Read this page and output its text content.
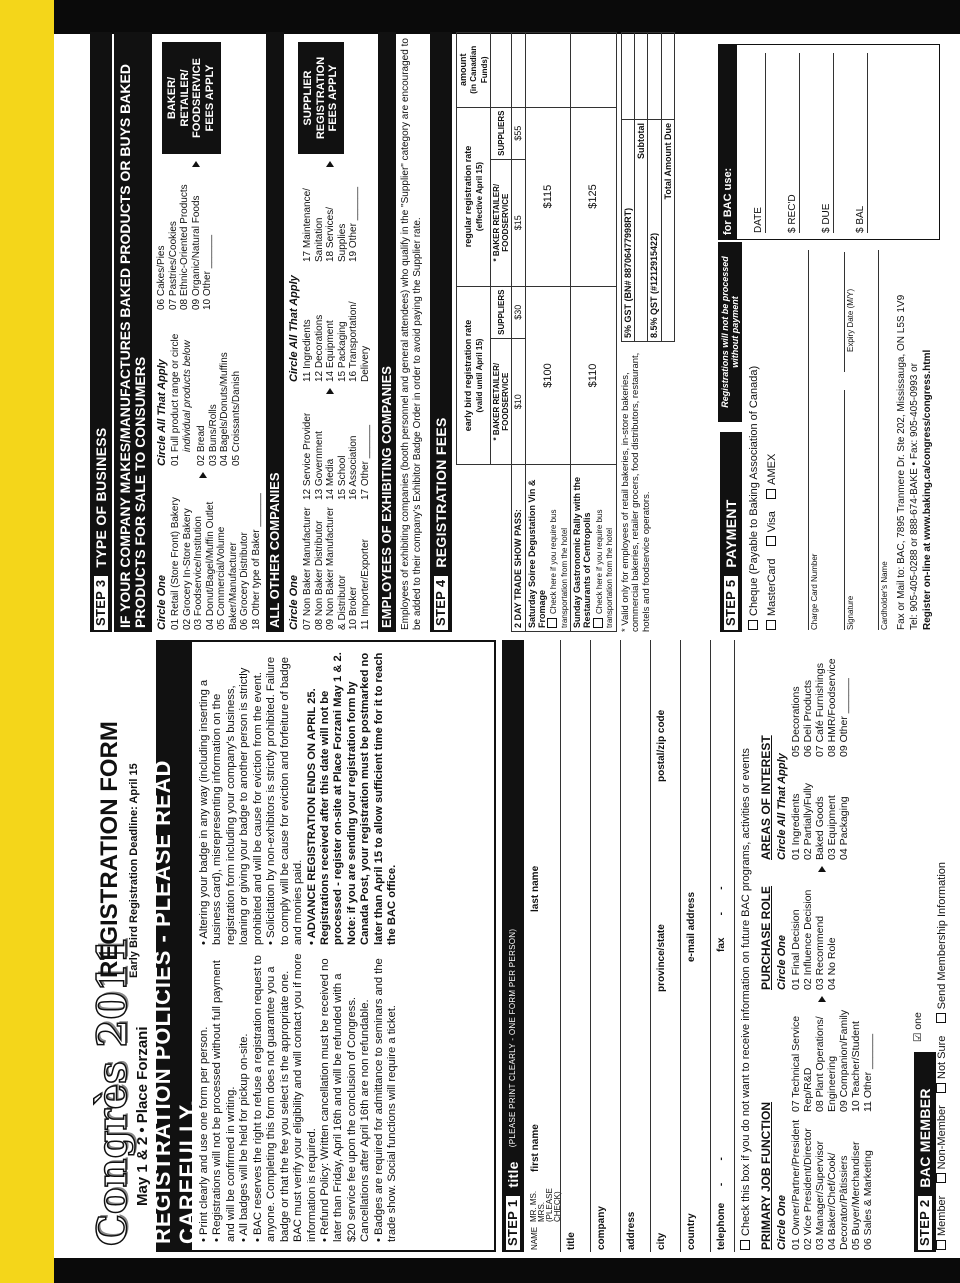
Congrès 2011
May 1 & 2 • Place Forzani
REGISTRATION FORM Early Bird Registration Deadline: April 15 REGISTRATION POLICIES - PLEASE READ CAREFULLY.
• Print clearly and use one form per person.
• Registrations will not be processed without full payment and will be confirmed in writing. • All badges will be held for pickup on-site.
• BAC reserves the right to refuse a registration request to anyone. Completing this form does not guarantee you a badge or that the fee you select is the appropriate one. BAC must verify your eligibility and will contact you if more information is required. • Refund Policy: Written cancellation must be received no later than Friday, April 16th and will be refunded with a $20 service fee upon the conclusion of Congress. Cancellations after April 16th are non refundable. • Badges are required for admittance to seminars and the trade show. Social functions will require a ticket.
• Altering your badge in any way (including inserting a business card), misrepresenting information on the registration form including your company's business, loaning or giving your badge to another person is strictly prohibited and will be cause for eviction from the event. • Solicitation by non-exhibitors is strictly prohibited. Failure to comply will be cause for eviction and forfeiture of badge and monies paid. • ADVANCE REGISTRATION ENDS ON APRIL 25. Registrations received after this date will not be processed - register on-site at Place Forzani May 1 & 2. Note: if you are sending your registration form by Canada Post, your registration must be postmarked no later than April 15 to allow sufficient time for it to reach the BAC office.
STEP 1
title
(PLEASE PRINT CLEARLY - ONE FORM PER PERSON)
NAME
MR. MS. MRS. (PLEASE CHECK)
first name
last name
title	company	address	city
province/state
postal/zip code
country
e-mail address
telephone      -        -
fax        -        -	Check this box if you do not want to receive information on future BAC programs, activities or events PRIMARY JOB FUNCTION Circle One 01 Owner/Partner/President 02 Vice President/Director 03 Manager/Supervisor 04 Baker/Chef/Cook/ Decorator/Pâtissiers 05 Buyer/Merchandiser 06 Sales & Marketing
07 Technical Service Rep/R&D 08 Plant Operations/ Engineering 09 Companion/Family 10 Teacher/Student 11 Other ______
PURCHASE ROLE Circle One 01 Final Decision 02 Influence Decision 03 Recommend 04 No Role
AREAS OF INTEREST Circle All That Apply 01 Ingredients 02 Partially/Fully Baked Goods 03 Equipment 04 Packaging
05 Decorations 06 Deli Products 07 Café Furnishings 08 HMR/Foodservice 09 Other ______
STEP 2
BAC MEMBER
☑ one
Member    Non-Member    Not Sure    Send Membership Information
STEP 3
TYPE OF BUSINESS IF YOUR COMPANY MAKES/MANUFACTURES BAKED PRODUCTS OR BUYS BAKED PRODUCTS FOR SALE TO CONSUMERS Circle One 01 Retail (Store Front) Bakery 02 Grocery In-Store Bakery 03 Foodservice/Institution 04 Donut/Bagel/Muffin Outlet 05 Commercial/Volume Baker/Manufacturer 06 Grocery Distributor 18 Other type of Baker ______
Circle All That Apply 01 Full product range or circle individual products below 02 Bread 03 Buns/Rolls 04 Bagels/Donuts/Muffins 05 Croissants/Danish
06 Cakes/Pies 07 Pastries/Cookies 08 Ethnic-Oriented Products 09 Organic/Natural Foods 10 Other ______
BAKER/ RETAILER/ FOODSERVICE FEES APPLY
ALL OTHER COMPANIES Circle One 07 Non Baker Manufacturer 08 Non Baker Distributor 09 Non Baker Manufacturer & Distributor 10 Broker 11 Importer/Exporter
12 Service Provider 13 Government 14 Media 15 School 16 Association 17 Other ______
Circle All That Apply 11 Ingredients 12 Decorations 14 Equipment 15 Packaging 16 Transportation/ Delivery
17 Maintenance/ Sanitation 18 Services/ Supplies 19 Other ______
SUPPLIER REGISTRATION FEES APPLY
EMPLOYEES OF EXHIBITING COMPANIES Employees of exhibiting companies (booth personnel and general attendees) who qualify in the "Supplier" category are encouraged to be added to their company's Exhibitor Badge Order in order to avoid paying the Supplier rate. STEP 4
REGISTRATION FEES
	early bird registration rate
(valid until April 15)		regular registration rate
(effective April 15)		amount
(in Canadian Funds)
	* BAKER RETAILER/ FOODSERVICE	SUPPLIERS	* BAKER RETAILER/ FOODSERVICE	SUPPLIERS	
2 DAY TRADE SHOW PASS:	$10	$30	$15	$55	
Saturday Soiree Degustation Vin & Fromage Check here if you require bus transportation from the hotel	$100		$115		
Sunday Gastronomic Rally with the Restaurants of Centropolis Check here if you require bus transportation from the hotel	$110		$125		
* Valid only for employees of retail bakeries, in-store bakeries, commercial bakeries, retailer grocers, food distributors, restaurant, hotels and foodservice operators.
5% GST (BN# 88706477998RT)	
Subtotal	
8.5% QST (#1212915422)	
Total Amount Due	
STEP 5
PAYMENT
Registrations will not be processed without payment
Cheque (Payable to Baking Association of Canada) MasterCard    Visa    AMEX
Charge Card Number	Signature
Expiry Date (M/Y)
Cardholder's Name Fax or Mail to: BAC, 7895 Tranmere Dr. Ste 202, Mississauga, ON L5S 1V9 Tel: 905-405-0288 or 888-674-BAKE • Fax: 905-405-0993 or Register on-line at www.baking.ca/congress/congress.html
for BAC use:	DATE $ REC'D $ DUE $ BAL
